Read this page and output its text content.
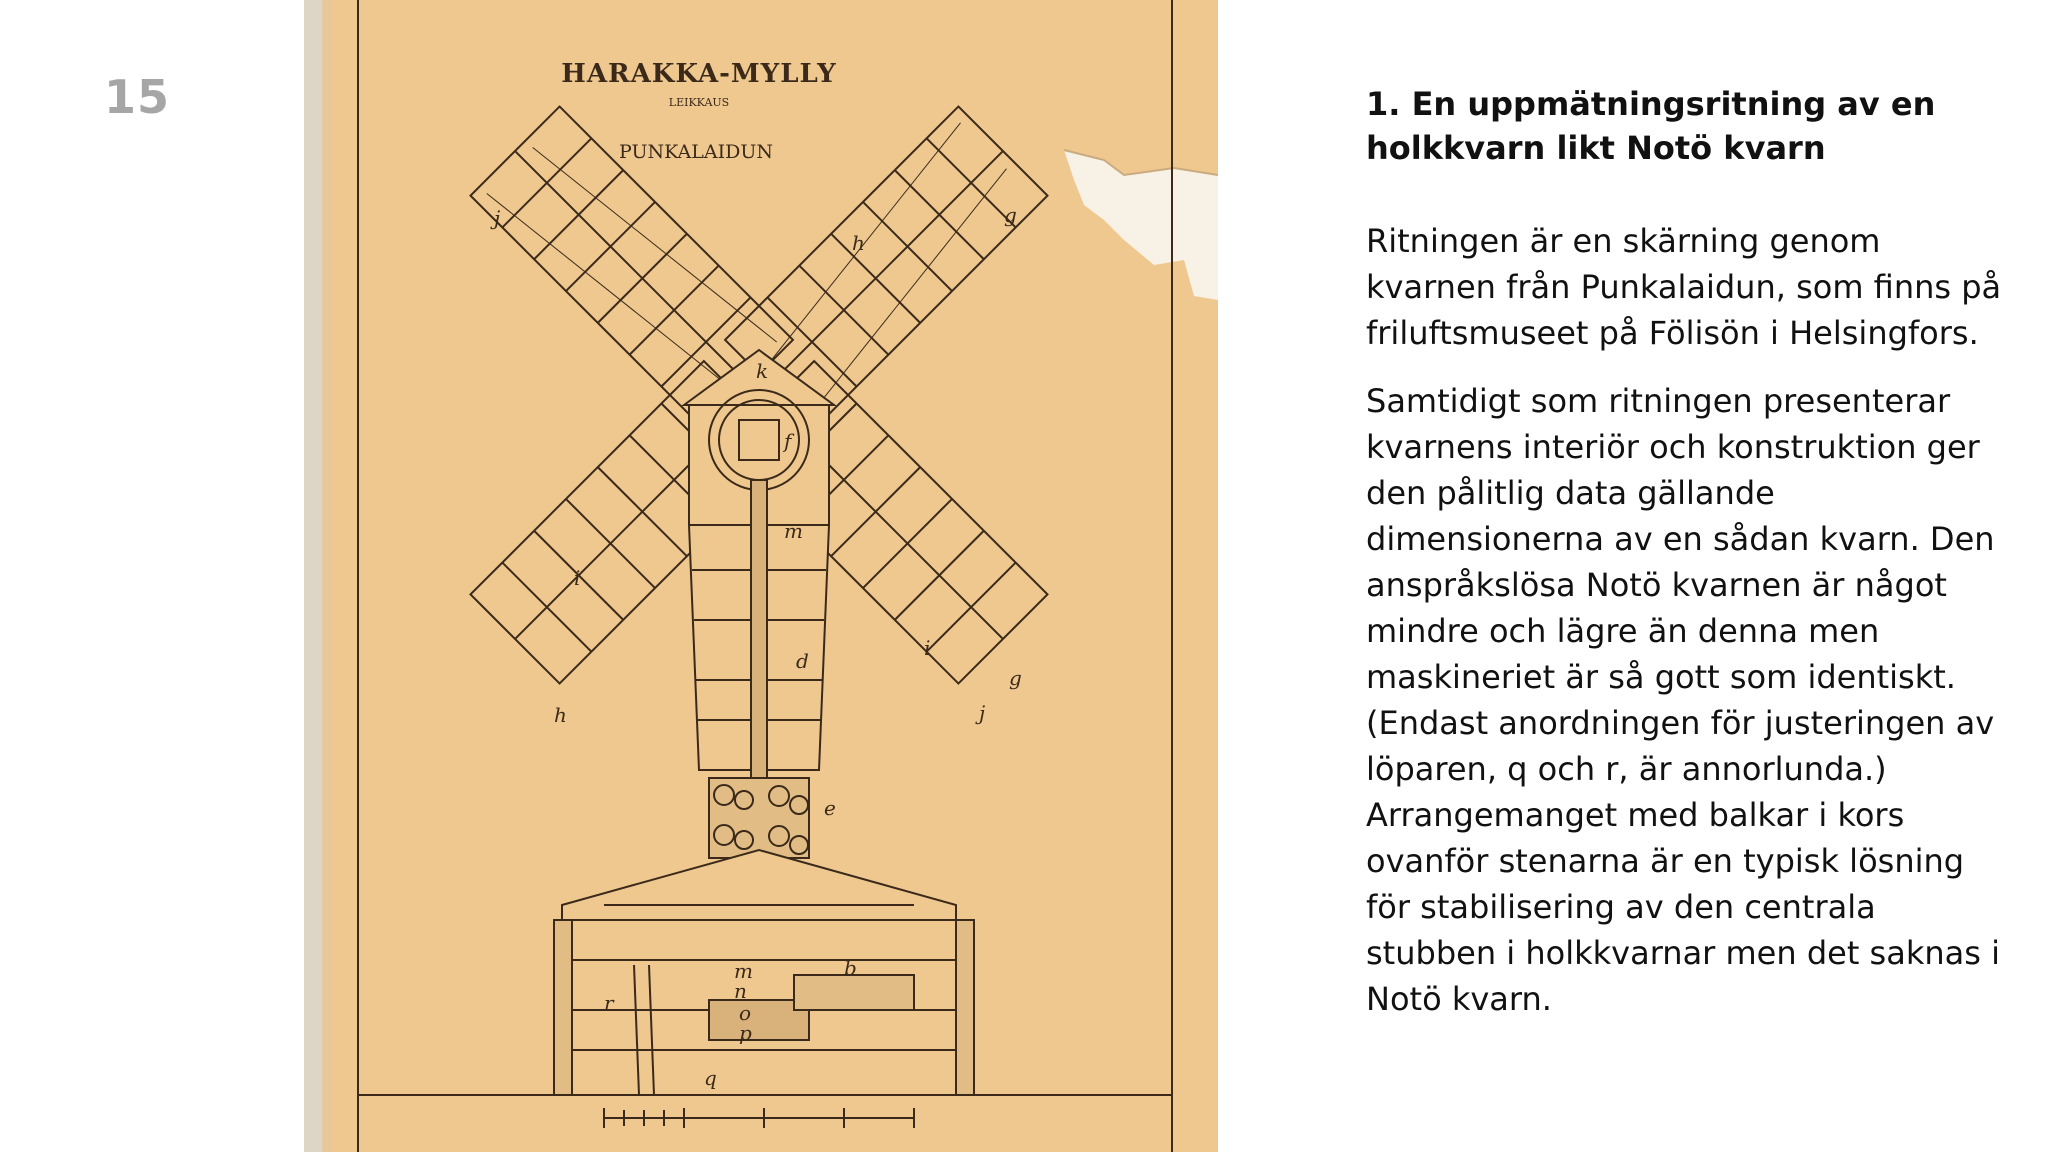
15	HARAKKA-MYLLY
LEIKKAUS
PUNKALAIDUN
j	g
h
k
f
m
i
i
d
g
j
h
e
m
n
r
b
o
p
q
1. En uppmätningsritning av en holkkvarn likt Notö kvarn

Ritningen är en skärning genom kvarnen från Punkalaidun, som finns på friluftsmuseet på Fölisön i Helsingfors.

Samtidigt som ritningen presenterar kvarnens interiör och konstruktion ger den pålitlig data gällande dimensionerna av en sådan kvarn. Den anspråkslösa Notö kvarnen är något mindre och lägre än denna men maskineriet är så gott som identiskt. (Endast anordningen för justeringen av löparen, q och r, är annorlunda.) Arrangemanget med balkar i kors ovanför stenarna är en typisk lösning för stabilisering av den centrala stubben i holkkvarnar men det saknas i Notö kvarn.
